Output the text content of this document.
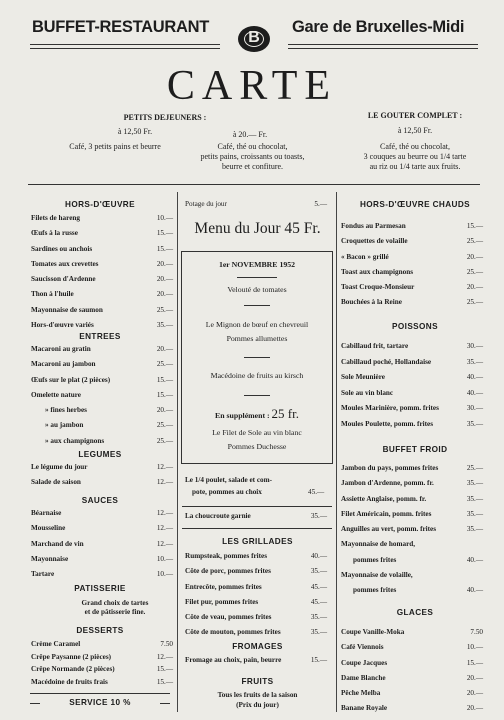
BUFFET-RESTAURANT
B
Gare de Bruxelles-Midi
CARTE
PETITS DEJEUNERS :
à 12,50 Fr.
Café, 3 petits pains et beurre
à 20.— Fr.
Café, thé ou chocolat,
petits pains, croissants ou toasts,
beurre et confiture.
LE GOUTER COMPLET :
à 12,50 Fr.
Café, thé ou chocolat,
3 couques au beurre ou 1/4 tarte
au riz ou 1/4 tarte aux fruits.
HORS-D'ŒUVRE
Filets de hareng	10.—
Œufs à la russe	15.—
Sardines ou anchois	15.—
Tomates aux crevettes	20.—
Saucisson d'Ardenne	20.—
Thon à l'huile	20.—
Mayonnaise de saumon	25.—
Hors-d'œuvre variés	35.—
ENTREES
Macaroni au gratin	20.—
Macaroni au jambon	25.—
Œufs sur le plat (2 pièces)	15.—
Omelette nature	15.—
» fines herbes	20.—
» au jambon	25.—
» aux champignons	25.—
LEGUMES
Le légume du jour	12.—
Salade de saison	12.—
SAUCES
Béarnaise	12.—
Mousseline	12.—
Marchand de vin	12.—
Mayonnaise	10.—
Tartare	10.—
PATISSERIE
Grand choix de tartes
et de pâtisserie fine.
DESSERTS
Crème Caramel	7.50
Crêpe Paysanne (2 pièces)	12.—
Crêpe Normande (2 pièces)	15.—
Macédoine de fruits frais	15.—
SERVICE 10 %
Potage du jour	5.—
Menu du Jour 45 Fr.
1er NOVEMBRE 1952
Velouté de tomates
Le Mignon de bœuf en chevreuil
Pommes allumettes
Macédoine de fruits au kirsch
En supplément : 25 fr.
Le Filet de Sole au vin blanc
Pommes Duchesse
Le 1/4 poulet, salade et com-
pote, pommes au choix	45.—
La choucroute garnie	35.—
LES GRILLADES
Rumpsteak, pommes frites	40.—
Côte de porc, pommes frites	35.—
Entrecôte, pommes frites	45.—
Filet pur, pommes frites	45.—
Côte de veau, pommes frites	35.—
Côte de mouton, pommes frites	35.—
FROMAGES
Fromage au choix, pain, beurre	15.—
FRUITS
Tous les fruits de la saison
(Prix du jour)
HORS-D'ŒUVRE CHAUDS
Fondus au Parmesan	15.—
Croquettes de volaille	25.—
« Bacon » grillé	20.—
Toast aux champignons	25.—
Toast Croque-Monsieur	20.—
Bouchées à la Reine	25.—
POISSONS
Cabillaud frit, tartare	30.—
Cabillaud poché, Hollandaise	35.—
Sole Meunière	40.—
Sole au vin blanc	40.—
Moules Marinière, pomm. frites	30.—
Moules Poulette, pomm. frites	35.—
BUFFET FROID
Jambon du pays, pommes frites	25.—
Jambon d'Ardenne, pomm. fr.	35.—
Assiette Anglaise, pomm. fr.	35.—
Filet Américain, pomm. frites	35.—
Anguilles au vert, pomm. frites	35.—
Mayonnaise de homard,
pommes frites	40.—
Mayonnaise de volaille,
pommes frites	40.—
GLACES
Coupe Vanille-Moka	7.50
Café Viennois	10.—
Coupe Jacques	15.—
Dame Blanche	20.—
Pêche Melba	20.—
Banane Royale	20.—
